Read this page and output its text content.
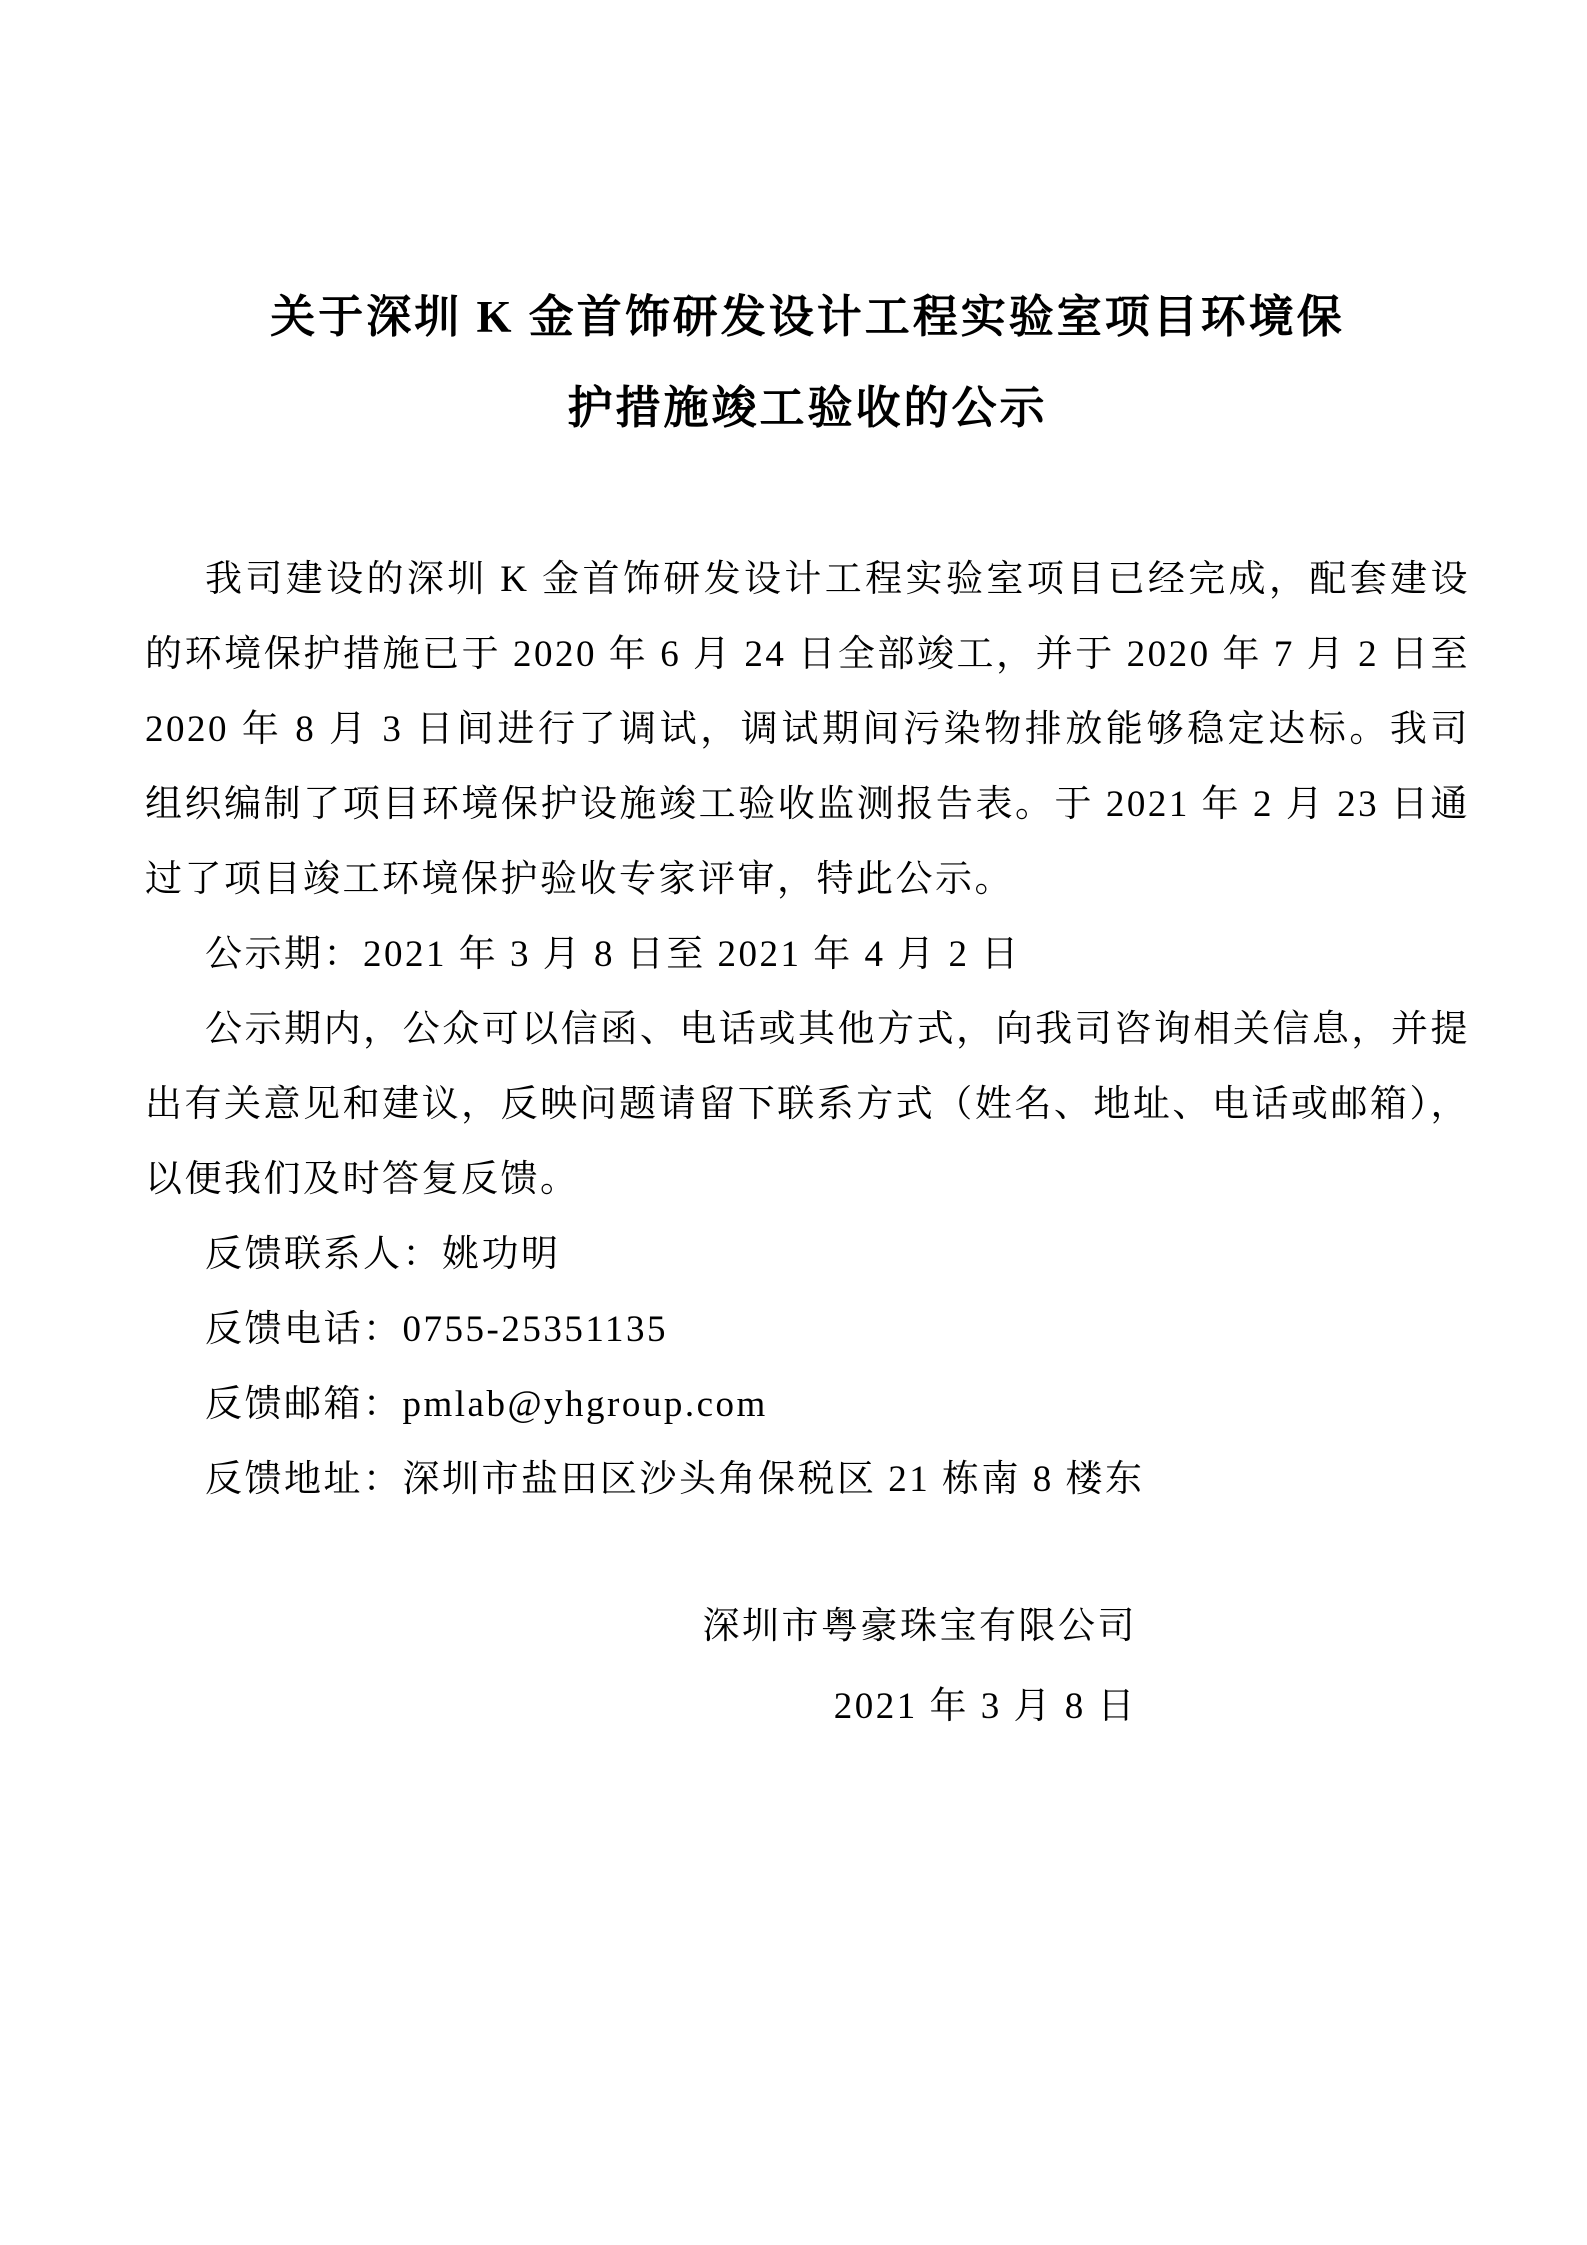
关于深圳 K 金首饰研发设计工程实验室项目环境保
护措施竣工验收的公示

我司建设的深圳 K 金首饰研发设计工程实验室项目已经完成，配套建设的环境保护措施已于 2020 年 6 月 24 日全部竣工，并于 2020 年 7 月 2 日至 2020 年 8 月 3 日间进行了调试，调试期间污染物排放能够稳定达标。我司组织编制了项目环境保护设施竣工验收监测报告表。于 2021 年 2 月 23 日通过了项目竣工环境保护验收专家评审，特此公示。

公示期：2021 年 3 月 8 日至 2021 年 4 月 2 日

公示期内，公众可以信函、电话或其他方式，向我司咨询相关信息，并提出有关意见和建议，反映问题请留下联系方式（姓名、地址、电话或邮箱），以便我们及时答复反馈。

反馈联系人：姚功明

反馈电话：0755-25351135

反馈邮箱：pmlab@yhgroup.com

反馈地址：深圳市盐田区沙头角保税区 21 栋南 8 楼东

深圳市粤豪珠宝有限公司

2021 年 3 月 8 日
